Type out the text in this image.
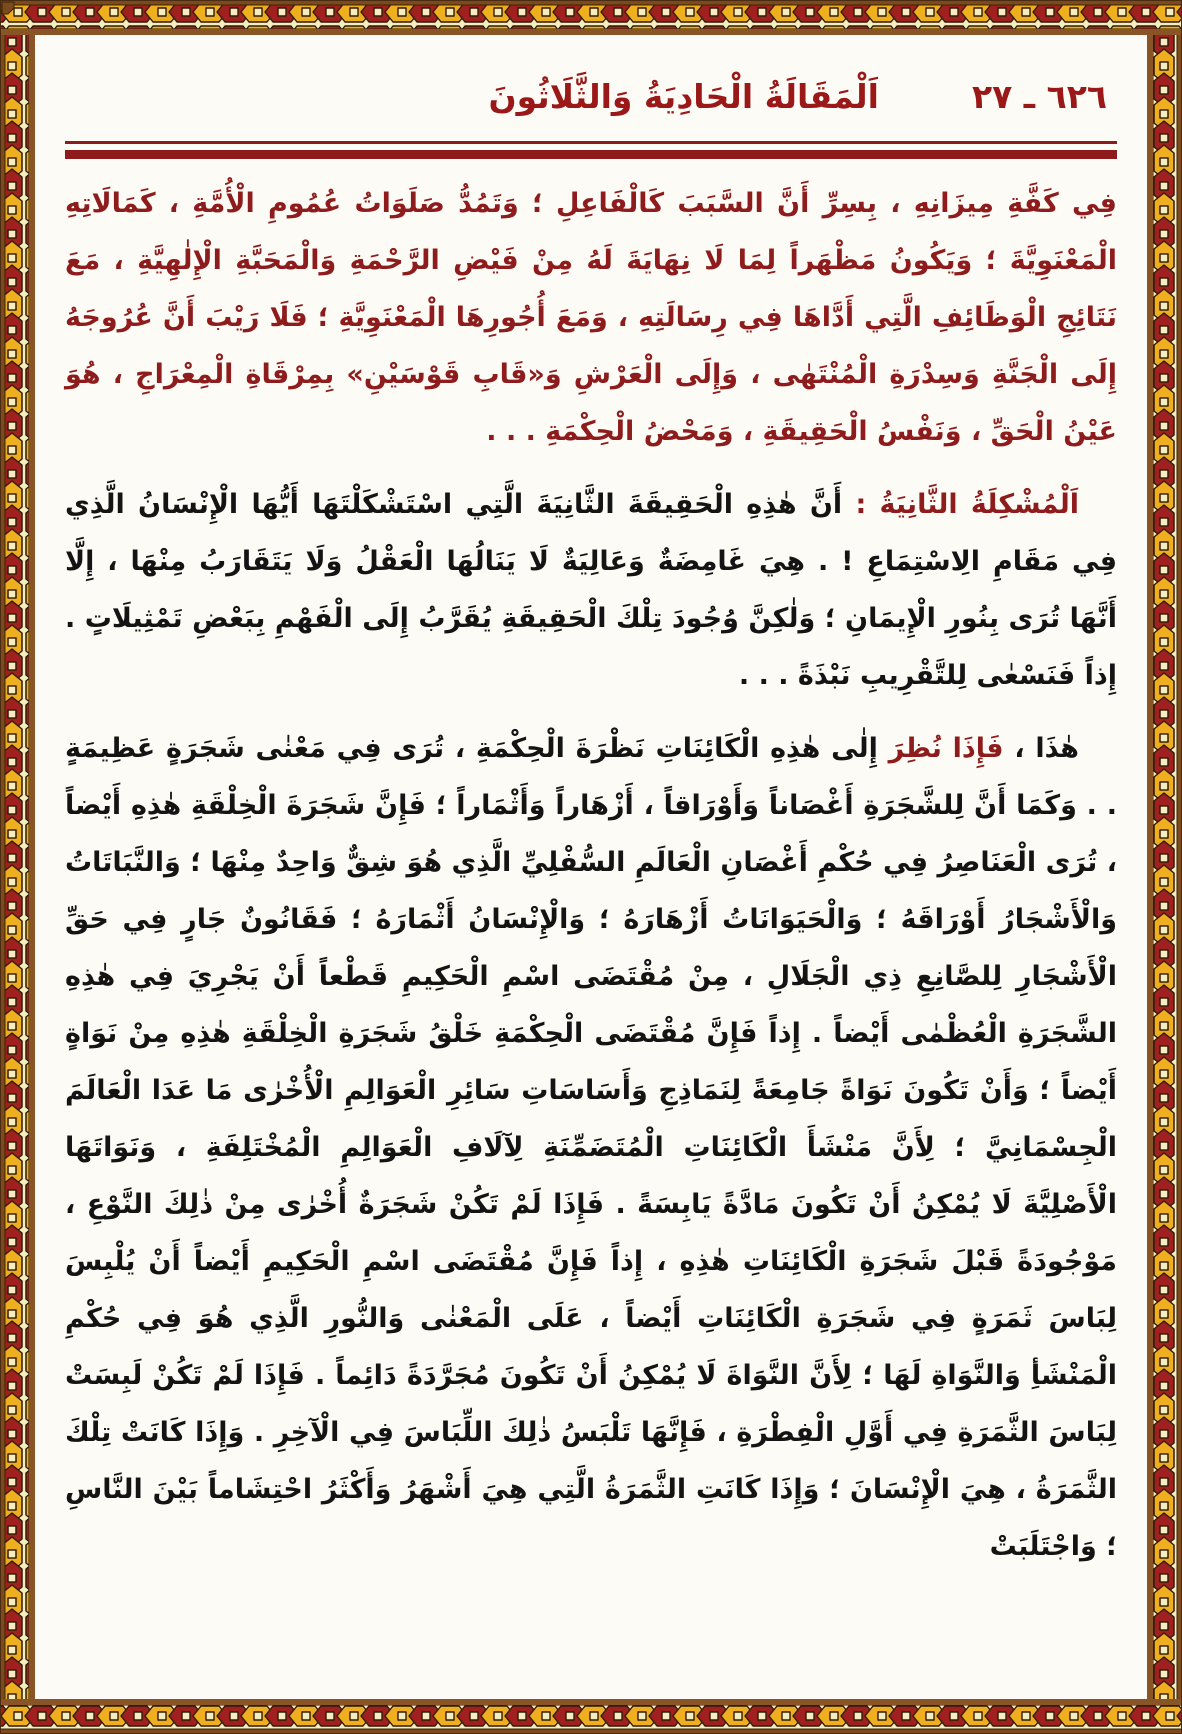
اَلْمَقَالَةُ الْحَادِيَةُ وَالثَّلَاثُونَ	٦٢٦ ـ ٢٧

فِي كَفَّةِ مِيزَانِهِ ، بِسِرِّ أَنَّ السَّبَبَ كَالْفَاعِلِ ؛ وَتَمُدُّ صَلَوَاتُ عُمُومِ الْأُمَّةِ ، كَمَالَاتِهِ الْمَعْنَوِيَّةَ ؛ وَيَكُونُ مَظْهَراً لِمَا لَا نِهَايَةَ لَهُ مِنْ فَيْضِ الرَّحْمَةِ وَالْمَحَبَّةِ الْإِلٰهِيَّةِ ، مَعَ نَتَائِجِ الْوَظَائِفِ الَّتِي أَدَّاهَا فِي رِسَالَتِهِ ، وَمَعَ أُجُورِهَا الْمَعْنَوِيَّةِ ؛ فَلَا رَيْبَ أَنَّ عُرُوجَهُ إِلَى الْجَنَّةِ وَسِدْرَةِ الْمُنْتَهٰى ، وَإِلَى الْعَرْشِ وَ«قَابِ قَوْسَيْنِ» بِمِرْقَاةِ الْمِعْرَاجِ ، هُوَ عَيْنُ الْحَقِّ ، وَنَفْسُ الْحَقِيقَةِ ، وَمَحْضُ الْحِكْمَةِ . . .

اَلْمُشْكِلَةُ الثَّانِيَةُ : أَنَّ هٰذِهِ الْحَقِيقَةَ الثَّانِيَةَ الَّتِي اسْتَشْكَلْتَهَا أَيُّهَا الْإِنْسَانُ الَّذِي فِي مَقَامِ الِاسْتِمَاعِ ! . هِيَ غَامِضَةٌ وَعَالِيَةٌ لَا يَنَالُهَا الْعَقْلُ وَلَا يَتَقَارَبُ مِنْهَا ، إِلَّا أَنَّهَا تُرَى بِنُورِ الْإِيمَانِ ؛ وَلٰكِنَّ وُجُودَ تِلْكَ الْحَقِيقَةِ يُقَرَّبُ إِلَى الْفَهْمِ بِبَعْضِ تَمْثِيلَاتٍ . إِذاً فَنَسْعٰى لِلتَّقْرِيبِ نَبْذَةً . . .

هٰذَا ، فَإِذَا نُظِرَ إِلٰى هٰذِهِ الْكَائِنَاتِ نَظْرَةَ الْحِكْمَةِ ، تُرَى فِي مَعْنٰى شَجَرَةٍ عَظِيمَةٍ . . وَكَمَا أَنَّ لِلشَّجَرَةِ أَغْصَاناً وَأَوْرَاقاً ، أَزْهَاراً وَأَثْمَاراً ؛ فَإِنَّ شَجَرَةَ الْخِلْقَةِ هٰذِهِ أَيْضاً ، تُرَى الْعَنَاصِرُ فِي حُكْمِ أَغْصَانِ الْعَالَمِ السُّفْلِيِّ الَّذِي هُوَ شِقٌّ وَاحِدٌ مِنْهَا ؛ وَالنَّبَاتَاتُ وَالْأَشْجَارُ أَوْرَاقَهُ ؛ وَالْحَيَوَانَاتُ أَزْهَارَهُ ؛ وَالْإِنْسَانُ أَثْمَارَهُ ؛ فَقَانُونٌ جَارٍ فِي حَقِّ الْأَشْجَارِ لِلصَّانِعِ ذِي الْجَلَالِ ، مِنْ مُقْتَضَى اسْمِ الْحَكِيمِ قَطْعاً أَنْ يَجْرِيَ فِي هٰذِهِ الشَّجَرَةِ الْعُظْمٰى أَيْضاً . إِذاً فَإِنَّ مُقْتَضَى الْحِكْمَةِ خَلْقُ شَجَرَةِ الْخِلْقَةِ هٰذِهِ مِنْ نَوَاةٍ أَيْضاً ؛ وَأَنْ تَكُونَ نَوَاةً جَامِعَةً لِنَمَاذِجِ وَأَسَاسَاتِ سَائِرِ الْعَوَالِمِ الْأُخْرٰى مَا عَدَا الْعَالَمَ الْجِسْمَانِيَّ ؛ لِأَنَّ مَنْشَأَ الْكَائِنَاتِ الْمُتَضَمِّنَةِ لِآلَافِ الْعَوَالِمِ الْمُخْتَلِفَةِ ، وَنَوَاتَهَا الْأَصْلِيَّةَ لَا يُمْكِنُ أَنْ تَكُونَ مَادَّةً يَابِسَةً . فَإِذَا لَمْ تَكُنْ شَجَرَةٌ أُخْرٰى مِنْ ذٰلِكَ النَّوْعِ ، مَوْجُودَةً قَبْلَ شَجَرَةِ الْكَائِنَاتِ هٰذِهِ ، إِذاً فَإِنَّ مُقْتَضَى اسْمِ الْحَكِيمِ أَيْضاً أَنْ يُلْبِسَ لِبَاسَ ثَمَرَةٍ فِي شَجَرَةِ الْكَائِنَاتِ أَيْضاً ، عَلَى الْمَعْنٰى وَالنُّورِ الَّذِي هُوَ فِي حُكْمِ الْمَنْشَأِ وَالنَّوَاةِ لَهَا ؛ لِأَنَّ النَّوَاةَ لَا يُمْكِنُ أَنْ تَكُونَ مُجَرَّدَةً دَائِماً . فَإِذَا لَمْ تَكُنْ لَبِسَتْ لِبَاسَ الثَّمَرَةِ فِي أَوَّلِ الْفِطْرَةِ ، فَإِنَّهَا تَلْبَسُ ذٰلِكَ اللِّبَاسَ فِي الْآخِرِ . وَإِذَا كَانَتْ تِلْكَ الثَّمَرَةُ ، هِيَ الْإِنْسَانَ ؛ وَإِذَا كَانَتِ الثَّمَرَةُ الَّتِي هِيَ أَشْهَرُ وَأَكْثَرُ احْتِشَاماً بَيْنَ النَّاسِ ؛ وَاجْتَلَبَتْ
